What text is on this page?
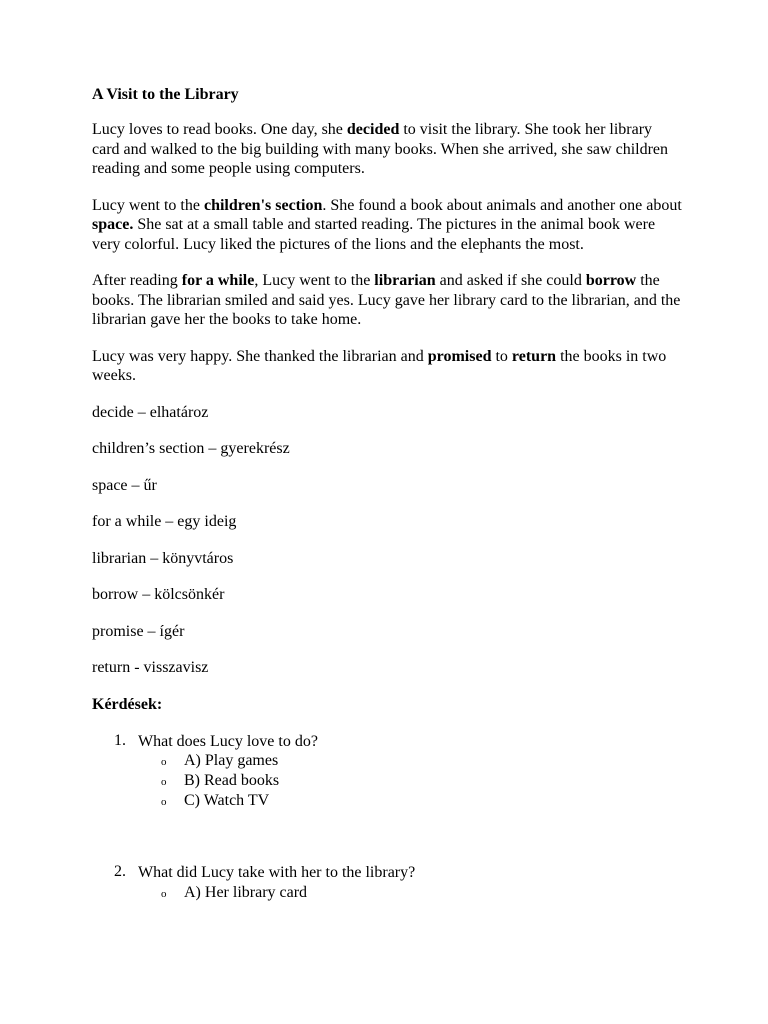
A Visit to the Library
Lucy loves to read books. One day, she decided to visit the library. She took her library card and walked to the big building with many books. When she arrived, she saw children reading and some people using computers.
Lucy went to the children's section. She found a book about animals and another one about space. She sat at a small table and started reading. The pictures in the animal book were very colorful. Lucy liked the pictures of the lions and the elephants the most.
After reading for a while, Lucy went to the librarian and asked if she could borrow the books. The librarian smiled and said yes. Lucy gave her library card to the librarian, and the librarian gave her the books to take home.
Lucy was very happy. She thanked the librarian and promised to return the books in two weeks.
decide – elhatároz
children’s section – gyerekrész
space – űr
for a while – egy ideig
librarian – könyvtáros
borrow – kölcsönkér
promise – ígér
return - visszavisz
Kérdések:
1. What does Lucy love to do?
o A) Play games
o B) Read books
o C) Watch TV
2. What did Lucy take with her to the library?
o A) Her library card
